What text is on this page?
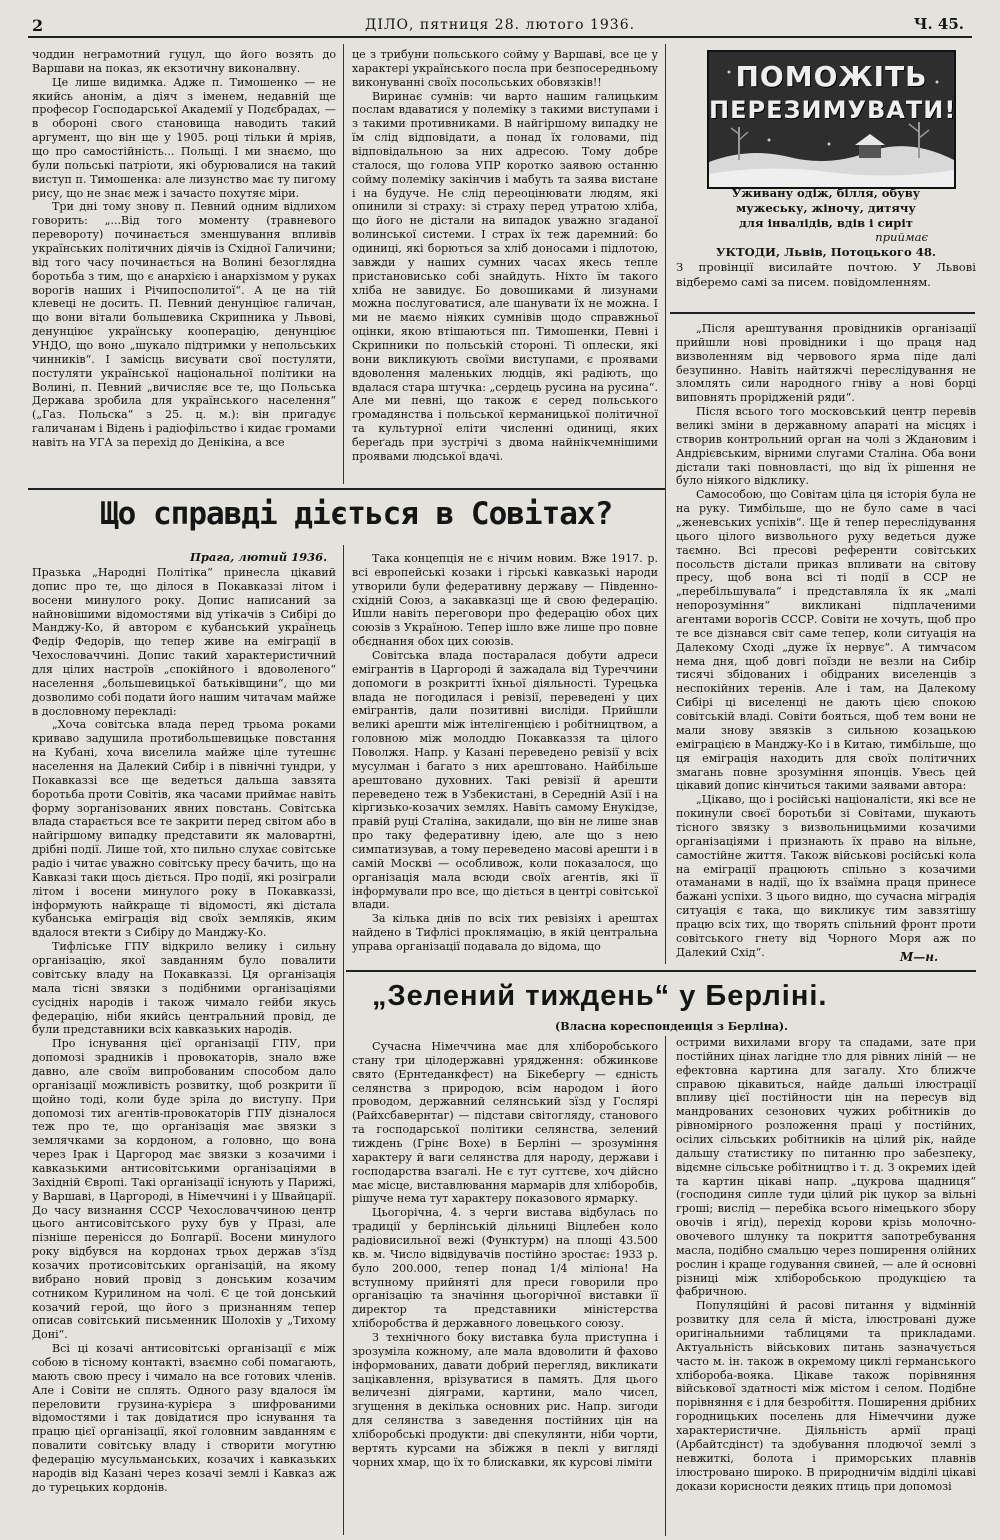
2	ДІЛО, пятниця 28. лютого 1936.	Ч. 45.

чоддин неграмотний гуцул, що його возять до Варшави на показ, як екзотичну виконалвну.

Це лише видимка. Адже п. Тимошенко — не якийсь анонім, а діяч з іменем, недавній ще професор Господарської Академії у Подєбрадах, — в обороні свого становища наводить такий аргумент, що він ще у 1905. році тільки й мріяв, що про самостійність... Польщі. І ми знаємо, що були польські патріоти, які обурювалися на такий виступ п. Тимошенка: але лизунство має ту пигому рису, що не знає меж і зачасто похутяє міри.

Три дні тому знову п. Певний одним відлихом говорить: „...Від того моменту (травневого перевороту) починається зменшування впливів українських політичних діячів із Східної Галичини; від того часу починається на Волині безоглядна боротьба з тим, що є анархією і анархізмом у руках ворогів наших і Річипосполитої“. А це на тій клевеці не досить. П. Певний денунціює галичан, що вони вітали большевика Скрипника у Львові, денунціює українську кооперацію, денунціює УНДО, що воно „шукало підтримки у непольських чинників“. І замісць висувати свої постуляти, постуляти української національної політики на Волині, п. Певний „вичисляє все те, що Польська Держава зробила для українського населення“ („Газ. Польска“ з 25. ц. м.): він пригадує галичанам і Відень і радіофільство і кидає громами навіть на УГА за перехід до Денікіна, а все

це з трибуни польського сойму у Варшаві, все це у характері українського посла при безпосередньому виконуванні своїх посольських обовязків!!

Виринає сумнів: чи варто нашим галицьким послам вдаватися у полеміку з такими виступами і з такими противниками. В найгіршому випадку не їм слід відповідати, а понад їх головами, під відповідальною за них адресою. Тому добре сталося, що голова УПР коротко заявою останню сойму полеміку закінчив і мабуть та заява вистане і на будуче. Не слід переоцінювати людям, які опинили зі страху: зі страху перед утратою хліба, що його не дістали на випадок уважно згаданої волинської системи. І страх їх теж даремний: бо одиниці, які борються за хліб доносами і підлотою, завжди у наших сумних часах якесь тепле пристановисько собі знайдуть. Ніхто їм такого хліба не завидує. Бо довошиками й лизунами можна послуговатися, але шанувати їх не можна. І ми не маємо ніяких сумнівів щодо справжньої оцінки, якою втішаються пп. Тимошенки, Певні і Скрипники по польській стороні. Ті оплески, які вони викликують своїми виступами, є проявами вдоволення маленьких людців, які радіють, що вдалася стара штучка: „сердець русина на русина“. Але ми певні, що також є серед польського громадянства і польської керманицької політичної та культурної еліти численні одиниці, яких береґадь при зустрічі з двома найнікчемнішими проявами людської вдачі.

ПОМОЖІТЬ
ПЕРЕЗИМУВАТИ!
Уживану одіж, білля, обуву мужеську, жіночу, дитячу для інвалідів, вдів і сиріт
приймає
УКТОДИ, Львів, Потоцького 48.
З провінції висилайте почтою. У Львові відберемо самі за писем. повідомленням.

„Після арештування провідників організації прийшли нові провідники і що праця над визволенням від червового ярма піде далі безупинно. Навіть найтяжчі переслідування не зломлять сили народного гніву а нові борці виповнять прорідженій ряди“.

Після всього того московський центр перевів великі зміни в державному апараті на місцях і створив контрольний орган на чолі з Ждановим і Андрієвським, вірними слугами Сталіна. Оба вони дістали такі повновласті, що від їх рішення не було ніякого відклику.

Самособою, що Совітам ціла ця історія була не на руку. Тимбільше, що не було саме в часі „женевських успіхів“. Ще й тепер переслідування цього цілого визвольного руху ведеться дуже таємно. Всі пресові референти совітських посольств дістали приказ впливати на світову пресу, щоб вона всі ті події в ССР не „перебільшувала“ і представляла їх як „малі непорозуміння“ викликані підплаченими агентами ворогів СССР. Совіти не хочуть, щоб про те все дізнався світ саме тепер, коли ситуація на Далекому Сході „дуже їх нервує“. А тимчасом нема дня, щоб довгі поїзди не везли на Сибір тисячі збідованих і обідраних виселенців з неспокійних теренів. Але і там, на Далекому Сибірі ці виселенці не дають цією спокою совітській владі. Совіти бояться, щоб тем вони не мали знову звязків з сильною козацькою еміграцією в Манджу-Ко і в Китаю, тимбільше, що ця еміграція находить для своїх політичних змагань повне зрозуміння японців. Увесь цей цікавий допис кінчиться такими заявами автора:

„Цікаво, що і російські націоналісти, які все не покинули своєї боротьби зі Совітами, шукають тісного звязку з визвольницьмими козачими організаціями і признають їх право на вільне, самостійне життя. Також військові російські кола на еміграції працюють спільно з козачими отаманами в надії, що їх взаїмна праця принесе бажані успіхи. З цього видно, що сучасна міградія ситуація є така, що викликує тим завзятішу працю всіх тих, що творять спільний фронт проти совітського гнету від Чорного Моря аж по Далекий Схід“.	М—н.
Що справді діється в Совітах?
Прага, лютий 1936.

Празька „Народні Політіка“ принесла цікавий допис про те, що ділося в Покавказзі літом і восени минулого року. Допис написаний за найновішими відомостями від утікачів з Сибірі до Манджу-Ко, й автором є кубанський українець Федір Федорів, що тепер живе на еміграції в Чехословаччині. Допис такий характеристичний для цілих настроїв „спокійного і вдоволеного“ населення „большевицької батьківщини“, що ми дозволимо собі подати його нашим читачам майже в дословному перекладі:

„Хоча совітська влада перед трьома роками криваво задушила протибольшевицьке повстання на Кубані, хоча виселила майже ціле тутешнє населення на Далекий Сибір і в північні тундри, у Покавказзі все ще ведеться дальша завзята боротьба проти Совітів, яка часами приймає навіть форму зорганізованих явних повстань. Совітська влада старається все те закрити перед світом або в найгіршому випадку представити як маловартні, дрібні події. Лише той, хто пильно слухає совітське радіо і читає уважно совітську пресу бачить, що на Кавказі таки щось діється. Про події, які розіграли літом і восени минулого року в Покавказзі, інформують найкраще ті відомості, які дістала кубанська еміграція від своїх земляків, яким вдалося втекти з Сибіру до Манджу-Ко.

Тифліське ГПУ відкрило велику і сильну організацію, якої завданням було повалити совітську владу на Покавказзі. Ця організація мала тісні звязки з подібними організаціями сусідніх народів і також чимало гейби якусь федерацію, ніби якийсь центральний провід, де були представники всіх кавказьких народів.

Про існування цієї організації ГПУ, при допомозі зрадників і провокаторів, знало вже давно, але своїм випробованим способом дало організації можливість розвитку, щоб розкрити її щойно тоді, коли буде зріла до виступу. При допомозі тих агентів-провокаторів ГПУ дізналося теж про те, що організація має звязки з землячками за кордоном, а головно, що вона через Ірак і Царгород має звязки з козачими і кавказькими антисовітськими організаціями в Західній Європі. Такі організації існують у Парижі, у Варшаві, в Царгороді, в Німеччині і у Швайцарії. До часу визнання СССР Чехословаччиною центр цього антисовітського руху був у Празі, але пізніше перенісся до Болгарії. Восени минулого року відбувся на кордонах трьох держав з'їзд козачих протисовітських організацій, на якому вибрано новий провід з донським козачим сотником Курилином на чолі. Є це той донський козачий герой, що його з признанням тепер описав совітський письменник Шолохів у „Тихому Доні“.

Всі ці козачі антисовітські організації є між собою в тісному контакті, взаємно собі помагають, мають свою пресу і чимало на все готових членів. Але і Совіти не сплять. Одного разу вдалося їм переловити грузина-курієра з шифрованими відомостями і так довідатися про існування та працю цієї організації, якої головним завданням є повалити совітську владу і створити могутню федерацію мусульманських, козачих і кавказьких народів від Казані через козачі землі і Кавказ аж до турецьких кордонів.

Така концепція не є нічим новим. Вже 1917. р. всі европейські козаки і гірські кавказькі народи утворили були федеративну державу — Південно-східній Союз, а закавказці ще й свою федерацію. Ишли навіть переговори про федерацію обох цих союзів з Україною. Тепер ішло вже лише про повне обєднання обох цих союзів.

Совітська влада постаралася добути адреси емігрантів в Царгороді й зажадала від Туреччини допомоги в розкритті їхньої діяльності. Турецька влада не погодилася і ревізії, переведені у цих емігрантів, дали позитивні висліди. Прийшли великі арешти між інтелігенцією і робітництвом, а головною між молоддю Покавказзя та цілого Поволжя. Напр. у Казані переведено ревізії у всіх мусулман і багато з них арештовано. Найбільше арештовано духовних. Такі ревізії й арешти переведено теж в Узбекистані, в Середній Азії і на кіргизько-козачих землях. Навіть самому Енукідзе, правій руці Сталіна, закидали, що він не лише знав про таку федеративну ідею, але що з нею симпатизував, а тому переведено масові арешти і в самій Москві — особливож, коли показалося, що організація мала всюди своїх агентів, які її інформували про все, що діється в центрі совітської влади.

За кілька днів по всіх тих ревізіях і арештах найдено в Тифлісі проклямацію, в якій центральна управа організації подавала до відома, що

„Зелений тиждень“ у Берліні.
(Власна кореспонденція з Берліна).

Сучасна Німеччина має для хліборобського стану три цілодержавні урядження: обжинкове свято (Ернтеданкфест) на Бікебергу — єдність селянства з природою, всім народом і його проводом, державний селянський зїзд у Гослярі (Райхсбавернтаг) — підстави світогляду, станового та господарської політики селянства, зелений тиждень (Грінє Вохе) в Берліні — зрозуміння характеру й ваги селянства для народу, держави і господарства взагалі. Не є тут суттєве, хоч дійсно має місце, виставлювання мармарів для хліборобів, рішуче нема тут характеру показового ярмарку.

Цьогорічна, 4. з черги вистава відбулась по традиції у берлінській дільниці Віцлебен коло радіовисильної вежі (Функтурм) на площі 43.500 кв. м. Число відвідувачів постійно зростає: 1933 р. було 200.000, тепер понад 1/4 міліона! На вступному прийняті для преси говорили про організацію та значіння цьогорічної виставки її директор та представники міністерства хліборобства й державного ловецького союзу.

З технічного боку виставка була приступна і зрозуміла кожному, але мала вдоволити й фахово інформованих, давати добрий перегляд, викликати зацікавлення, врізуватися в память. Для цього величезні діяграми, картини, мало чисел, згущення в декілька основних рис. Напр. зигоди для селянства з заведення постійних цін на хліборобські продукти: дві спекулянти, ніби чорти, вертять курсами на збіжжя в пеклі у вигляді чорних хмар, що їх то блискавки, як курсові ліміти

острими вихилами вгору та спадами, зате при постійних цінах лагідне тло для рівних ліній — не ефектовна картина для загалу. Хто ближче справою цікавиться, найде дальші ілюстрації впливу цієї постійности цін на пересув від мандрованих сезонових чужих робітників до рівномірного розложення праці у постійних, осілих сільських робітників на цілий рік, найде дальшу статистику по питанню про забезпеку, відємне сільське робітництво і т. д. З окремих ідей та картин цікаві напр. „цукрова щадниця“ (господиня сипле туди цілий рік цукор за вільні гроші; вислід — перебіка всього німецького збору овочів і ягід), перехід корови крізь молочно-овочевого шлунку та покриття запотребування масла, подібно смальцю через поширення олійних рослин і краще годування свиней, — але й основні різниці між хліборобською продукцією та фабричною.

Популяційні й расові питання у відмінній розвитку для села й міста, ілюстровані дуже оригінальними таблицями та прикладами. Актуальність військових питань зазначується часто м. ін. також в окремому циклі германського хлібороба-вояка. Цікаве також порівняння військової здатності між містом і селом. Подібне порівняння є і для безробіття. Поширення дрібних городницьких поселень для Німеччини дуже характеристичне. Діяльність армії праці (Арбайтсдінст) та здобування плодючої землі з невжиткі, болота і приморських плавнів ілюстровано широко. В природничім відділі цікаві докази корисности деяких птиць при допомозі
